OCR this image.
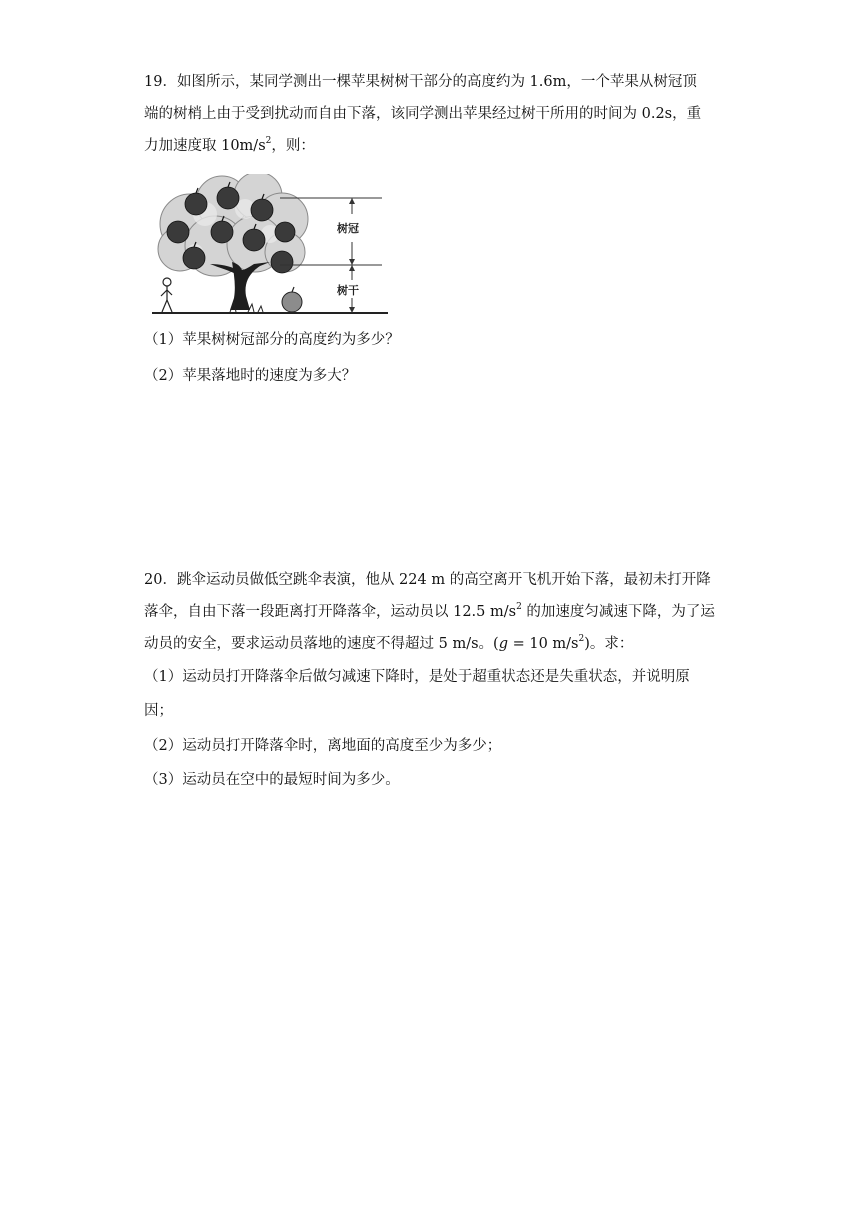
19．如图所示，某同学测出一棵苹果树树干部分的高度约为 1.6m，一个苹果从树冠顶
端的树梢上由于受到扰动而自由下落，该同学测出苹果经过树干所用的时间为 0.2s，重
力加速度取 $10m/s^2$，则：
树冠
树干
（1）苹果树树冠部分的高度约为多少？
（2）苹果落地时的速度为多大？
20．跳伞运动员做低空跳伞表演，他从 224 m 的高空离开飞机开始下落，最初未打开降
落伞，自由下落一段距离打开降落伞，运动员以 12.5 $m/s^2$ 的加速度匀减速下降，为了运
动员的安全，要求运动员落地的速度不得超过 5 m/s。(g = 10 $m/s^2$)。求：
（1）运动员打开降落伞后做匀减速下降时，是处于超重状态还是失重状态，并说明原
因；
（2）运动员打开降落伞时，离地面的高度至少为多少；
（3）运动员在空中的最短时间为多少。
